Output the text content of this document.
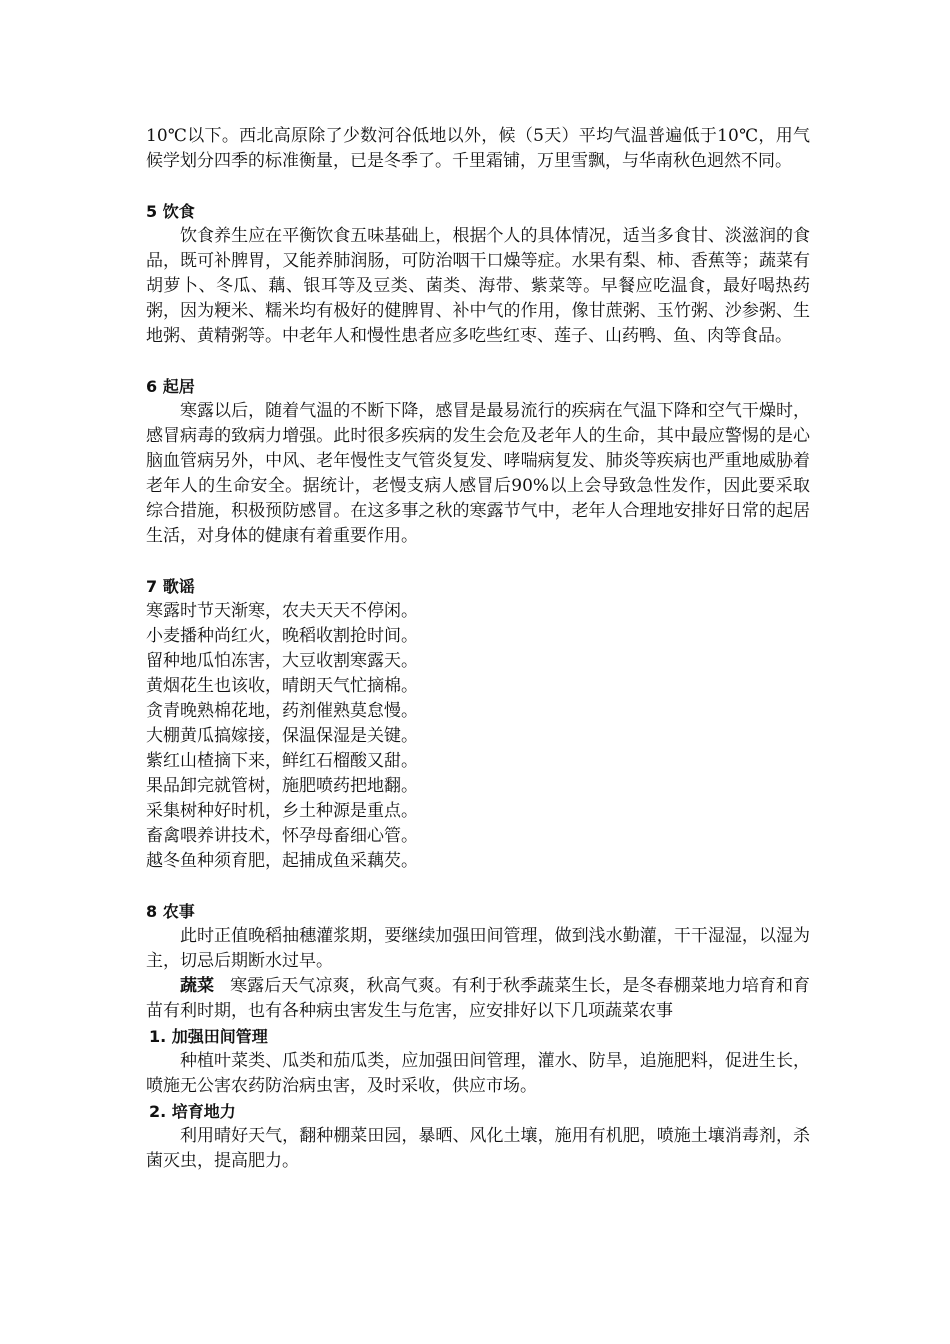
10℃以下。西北高原除了少数河谷低地以外，候（5天）平均气温普遍低于10℃，用气候学划分四季的标准衡量，已是冬季了。千里霜铺，万里雪飘，与华南秋色迥然不同。

5 饮食

饮食养生应在平衡饮食五味基础上，根据个人的具体情况，适当多食甘、淡滋润的食品，既可补脾胃，又能养肺润肠，可防治咽干口燥等症。水果有梨、柿、香蕉等；蔬菜有胡萝卜、冬瓜、藕、银耳等及豆类、菌类、海带、紫菜等。早餐应吃温食，最好喝热药粥，因为粳米、糯米均有极好的健脾胃、补中气的作用，像甘蔗粥、玉竹粥、沙参粥、生地粥、黄精粥等。中老年人和慢性患者应多吃些红枣、莲子、山药鸭、鱼、肉等食品。

6 起居

寒露以后，随着气温的不断下降，感冒是最易流行的疾病在气温下降和空气干燥时，感冒病毒的致病力增强。此时很多疾病的发生会危及老年人的生命，其中最应警惕的是心脑血管病另外，中风、老年慢性支气管炎复发、哮喘病复发、肺炎等疾病也严重地威胁着老年人的生命安全。据统计，老慢支病人感冒后90%以上会导致急性发作，因此要采取综合措施，积极预防感冒。在这多事之秋的寒露节气中，老年人合理地安排好日常的起居生活，对身体的健康有着重要作用。

7 歌谣

寒露时节天渐寒，农夫天天不停闲。

小麦播种尚红火，晚稻收割抢时间。

留种地瓜怕冻害，大豆收割寒露天。

黄烟花生也该收，晴朗天气忙摘棉。

贪青晚熟棉花地，药剂催熟莫怠慢。

大棚黄瓜搞嫁接，保温保湿是关键。

紫红山楂摘下来，鲜红石榴酸又甜。

果品卸完就管树，施肥喷药把地翻。

采集树种好时机，乡土种源是重点。

畜禽喂养讲技术，怀孕母畜细心管。

越冬鱼种须育肥，起捕成鱼采藕芡。

8 农事

此时正值晚稻抽穗灌浆期，要继续加强田间管理，做到浅水勤灌，干干湿湿，以湿为主，切忌后期断水过早。

蔬菜 寒露后天气凉爽，秋高气爽。有利于秋季蔬菜生长，是冬春棚菜地力培育和育苗有利时期，也有各种病虫害发生与危害，应安排好以下几项蔬菜农事

1. 加强田间管理

种植叶菜类、瓜类和茄瓜类，应加强田间管理，灌水、防旱，追施肥料，促进生长，喷施无公害农药防治病虫害，及时采收，供应市场。

2. 培育地力

利用晴好天气，翻种棚菜田园，暴晒、风化土壤，施用有机肥，喷施土壤消毒剂，杀菌灭虫，提高肥力。
